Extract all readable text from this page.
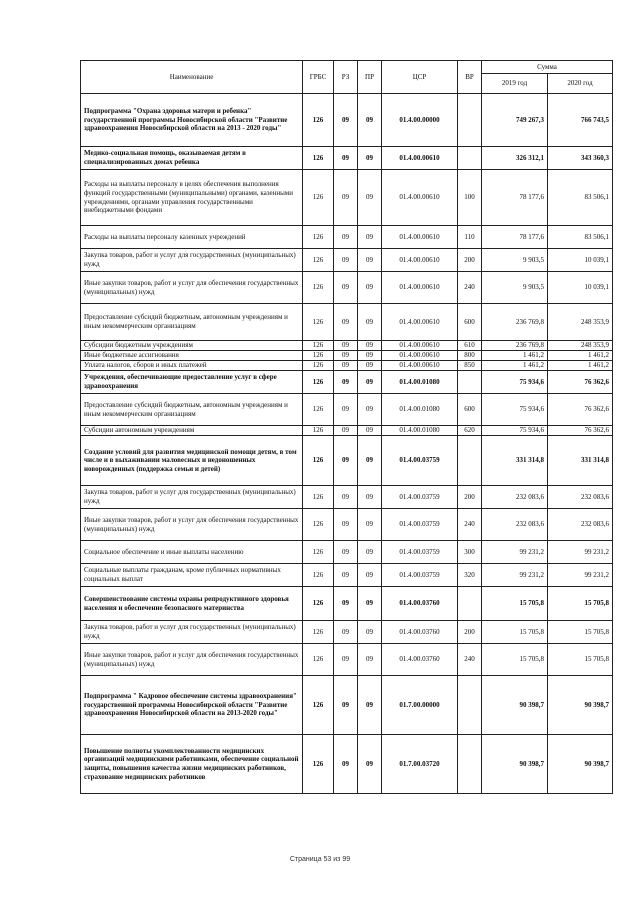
Наименование	ГРБС	РЗ	ПР	ЦСР	ВР	Сумма	
						2019 год	2020 год
Подпрограмма "Охрана здоровья матери и ребенка" государственной программы Новосибирской области "Развитие здравоохранения Новосибирской области на 2013 - 2020 годы"	126	09	09	01.4.00.00000		749 267,3	766 743,5
Медико-социальная помощь, оказываемая детям в специализированных домах ребенка	126	09	09	01.4.00.00610		326 312,1	343 360,3
Расходы на выплаты персоналу в целях обеспечения выполнения функций государственными (муниципальными) органами, казенными учреждениями, органами управления государственными внебюджетными фондами	126	09	09	01.4.00.00610	100	78 177,6	83 506,1
Расходы на выплаты персоналу казенных учреждений	126	09	09	01.4.00.00610	110	78 177,6	83 506,1
Закупка товаров, работ и услуг для государственных (муниципальных) нужд	126	09	09	01.4.00.00610	200	9 903,5	10 039,1
Иные закупки товаров, работ и услуг для обеспечения государственных (муниципальных) нужд	126	09	09	01.4.00.00610	240	9 903,5	10 039,1
Предоставление субсидий бюджетным, автономным учреждениям и иным некоммерческим организациям	126	09	09	01.4.00.00610	600	236 769,8	248 353,9
Субсидии бюджетным учреждениям	126	09	09	01.4.00.00610	610	236 769,8	248 353,9
Иные бюджетные ассигнования	126	09	09	01.4.00.00610	800	1 461,2	1 461,2
Уплата налогов, сборов и иных платежей	126	09	09	01.4.00.00610	850	1 461,2	1 461,2
Учреждения, обеспечивающие предоставление услуг в сфере здравоохранения	126	09	09	01.4.00.01080		75 934,6	76 362,6
Предоставление субсидий бюджетным, автономным учреждениям и иным некоммерческим организациям	126	09	09	01.4.00.01080	600	75 934,6	76 362,6
Субсидии автономным учреждениям	126	09	09	01.4.00.01080	620	75 934,6	76 362,6
Создание условий для развития медицинской помощи детям, в том числе и в выхаживании маловесных и недоношенных новорожденных (поддержка семьи и детей)	126	09	09	01.4.00.03759		331 314,8	331 314,8
Закупка товаров, работ и услуг для государственных (муниципальных) нужд	126	09	09	01.4.00.03759	200	232 083,6	232 083,6
Иные закупки товаров, работ и услуг для обеспечения государственных (муниципальных) нужд	126	09	09	01.4.00.03759	240	232 083,6	232 083,6
Социальное обеспечение и иные выплаты населению	126	09	09	01.4.00.03759	300	99 231,2	99 231,2
Социальные выплаты гражданам, кроме публичных нормативных социальных выплат	126	09	09	01.4.00.03759	320	99 231,2	99 231,2
Совершенствование системы охраны репродуктивного здоровья населения и обеспечение безопасного материнства	126	09	09	01.4.00.03760		15 705,8	15 705,8
Закупка товаров, работ и услуг для государственных (муниципальных) нужд	126	09	09	01.4.00.03760	200	15 705,8	15 705,8
Иные закупки товаров, работ и услуг для обеспечения государственных (муниципальных) нужд	126	09	09	01.4.00.03760	240	15 705,8	15 705,8
Подпрограмма " Кадровое обеспечение системы здравоохранения" государственной программы Новосибирской области "Развитие здравоохранения Новосибирской области на 2013-2020 годы"	126	09	09	01.7.00.00000		90 398,7	90 398,7
Повышение полноты укомплектованности медицинских организаций медицинскими работниками, обеспечение социальной защиты, повышения качества жизни медицинских работников, страхование медицинских работников	126	09	09	01.7.00.03720		90 398,7	90 398,7
Страница 53 из 99
